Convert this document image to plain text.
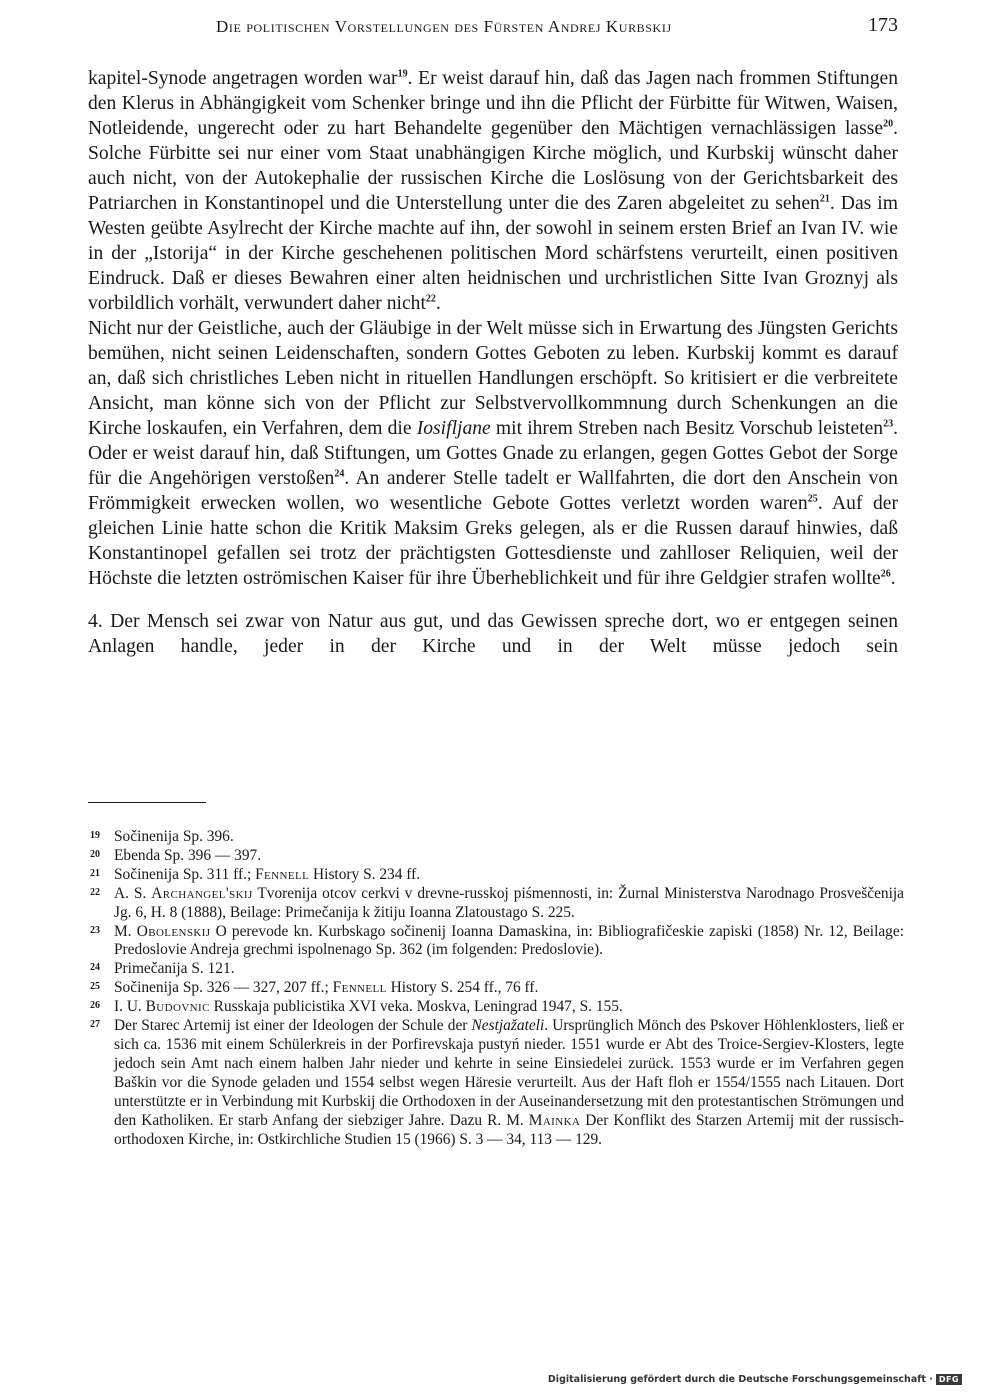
Die politischen Vorstellungen des Fürsten Andrej Kurbskij	173

kapitel-Synode angetragen worden war$^{19}$. Er weist darauf hin, daß das Jagen nach frommen Stiftungen den Klerus in Abhängigkeit vom Schenker bringe und ihn die Pflicht der Fürbitte für Witwen, Waisen, Notleidende, ungerecht oder zu hart Behandelte gegenüber den Mächtigen vernachlässigen lasse$^{20}$. Solche Fürbitte sei nur einer vom Staat unabhängigen Kirche möglich, und Kurbskij wünscht daher auch nicht, von der Autokephalie der russischen Kirche die Loslösung von der Gerichtsbarkeit des Patriarchen in Konstantinopel und die Unterstellung unter die des Zaren abgeleitet zu sehen$^{21}$. Das im Westen geübte Asylrecht der Kirche machte auf ihn, der sowohl in seinem ersten Brief an Ivan IV. wie in der „Istorija“ in der Kirche geschehenen politischen Mord schärfstens verurteilt, einen positiven Eindruck. Daß er dieses Bewahren einer alten heidnischen und urchristlichen Sitte Ivan Groznyj als vorbildlich vorhält, verwundert daher nicht$^{22}$.

Nicht nur der Geistliche, auch der Gläubige in der Welt müsse sich in Erwartung des Jüngsten Gerichts bemühen, nicht seinen Leidenschaften, sondern Gottes Geboten zu leben. Kurbskij kommt es darauf an, daß sich christliches Leben nicht in rituellen Handlungen erschöpft. So kritisiert er die verbreitete Ansicht, man könne sich von der Pflicht zur Selbstvervollkommnung durch Schenkungen an die Kirche loskaufen, ein Verfahren, dem die Iosifljane mit ihrem Streben nach Besitz Vorschub leisteten$^{23}$. Oder er weist darauf hin, daß Stiftungen, um Gottes Gnade zu erlangen, gegen Gottes Gebot der Sorge für die Angehörigen verstoßen$^{24}$. An anderer Stelle tadelt er Wallfahrten, die dort den Anschein von Frömmigkeit erwecken wollen, wo wesentliche Gebote Gottes verletzt worden waren$^{25}$. Auf der gleichen Linie hatte schon die Kritik Maksim Greks gelegen, als er die Russen darauf hinwies, daß Konstantinopel gefallen sei trotz der prächtigsten Gottesdienste und zahlloser Reliquien, weil der Höchste die letzten oströmischen Kaiser für ihre Überheblichkeit und für ihre Geldgier strafen wollte$^{26}$.

4. Der Mensch sei zwar von Natur aus gut, und das Gewissen spreche dort, wo er entgegen seinen Anlagen handle, jeder in der Kirche und in der Welt müsse jedoch sein

19 Sočinenija Sp. 396.
20 Ebenda Sp. 396 — 397.
21 Sočinenija Sp. 311 ff.; Fennell History S. 234 ff.
22 A. S. Archangel'skij Tvorenija otcov cerkvi v drevne-russkoj piśmennosti, in: Žurnal Ministerstva Narodnago Prosveščenija Jg. 6, H. 8 (1888), Beilage: Primečanija k žitiju Ioanna Zlatoustago S. 225.
23 M. Obolenskij O perevode kn. Kurbskago sočinenij Ioanna Damaskina, in: Bibliografičeskie zapiski (1858) Nr. 12, Beilage: Predoslovie Andreja grechmi ispolnenago Sp. 362 (im folgenden: Predoslovie).
24 Primečanija S. 121.
25 Sočinenija Sp. 326 — 327, 207 ff.; Fennell History S. 254 ff., 76 ff.
26 I. U. Budovnic Russkaja publicistika XVI veka. Moskva, Leningrad 1947, S. 155.
27 Der Starec Artemij ist einer der Ideologen der Schule der Nestjažateli. Ursprünglich Mönch des Pskover Höhlenklosters, ließ er sich ca. 1536 mit einem Schülerkreis in der Porfirevskaja pustyń nieder. 1551 wurde er Abt des Troice-Sergiev-Klosters, legte jedoch sein Amt nach einem halben Jahr nieder und kehrte in seine Einsiedelei zurück. 1553 wurde er im Verfahren gegen Baškin vor die Synode geladen und 1554 selbst wegen Häresie verurteilt. Aus der Haft floh er 1554/1555 nach Litauen. Dort unterstützte er in Verbindung mit Kurbskij die Orthodoxen in der Auseinandersetzung mit den protestantischen Strömungen und den Katholiken. Er starb Anfang der siebziger Jahre. Dazu R. M. Mainka Der Konflikt des Starzen Artemij mit der russisch-orthodoxen Kirche, in: Ostkirchliche Studien 15 (1966) S. 3 — 34, 113 — 129.
Digitalisierung gefördert durch die Deutsche Forschungsgemeinschaft · DFG
